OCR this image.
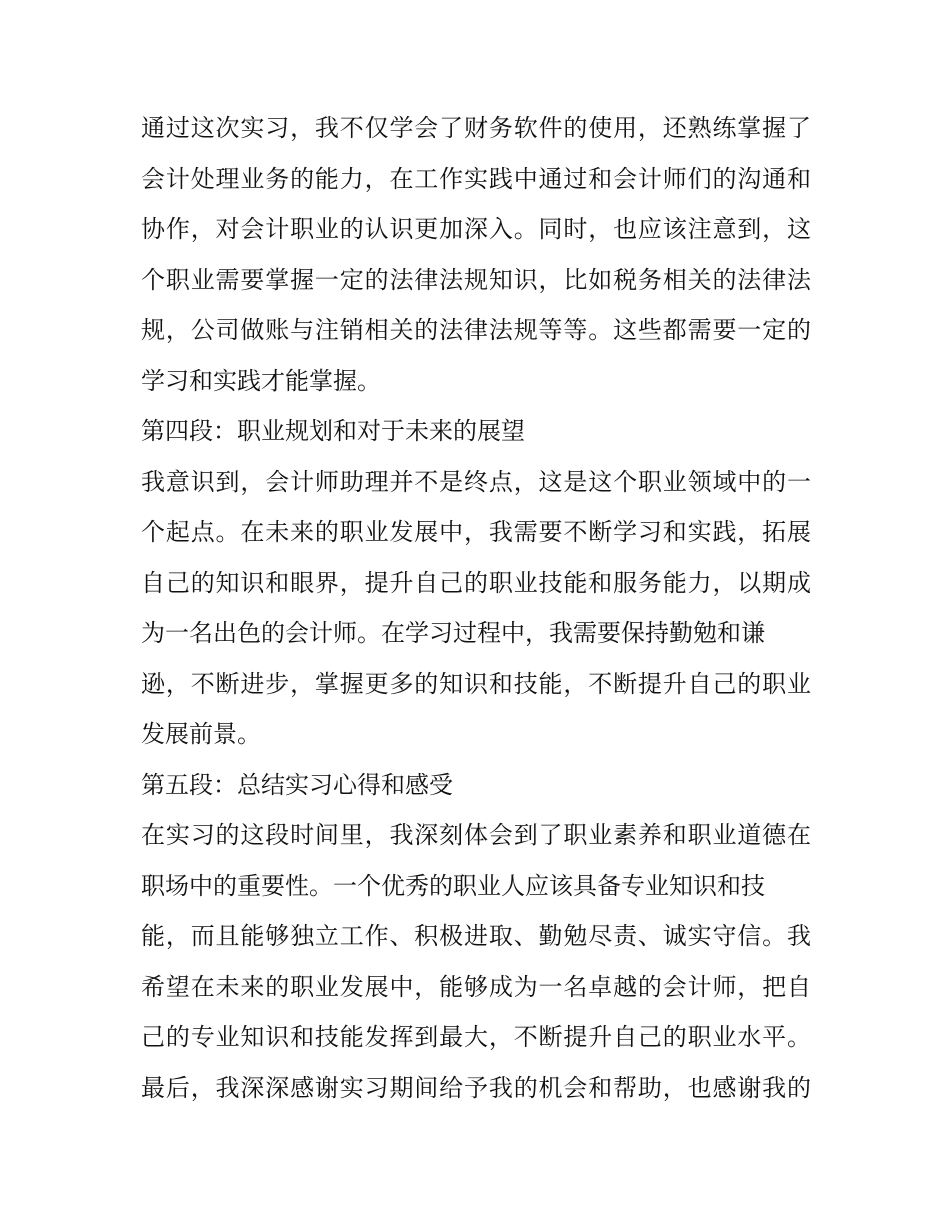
通过这次实习，我不仅学会了财务软件的使用，还熟练掌握了
会计处理业务的能力，在工作实践中通过和会计师们的沟通和
协作，对会计职业的认识更加深入。同时，也应该注意到，这
个职业需要掌握一定的法律法规知识，比如税务相关的法律法
规，公司做账与注销相关的法律法规等等。这些都需要一定的
学习和实践才能掌握。
第四段：职业规划和对于未来的展望
我意识到，会计师助理并不是终点，这是这个职业领域中的一
个起点。在未来的职业发展中，我需要不断学习和实践，拓展
自己的知识和眼界，提升自己的职业技能和服务能力，以期成
为一名出色的会计师。在学习过程中，我需要保持勤勉和谦
逊，不断进步，掌握更多的知识和技能，不断提升自己的职业
发展前景。
第五段：总结实习心得和感受
在实习的这段时间里，我深刻体会到了职业素养和职业道德在
职场中的重要性。一个优秀的职业人应该具备专业知识和技
能，而且能够独立工作、积极进取、勤勉尽责、诚实守信。我
希望在未来的职业发展中，能够成为一名卓越的会计师，把自
己的专业知识和技能发挥到最大，不断提升自己的职业水平。
最后，我深深感谢实习期间给予我的机会和帮助，也感谢我的
